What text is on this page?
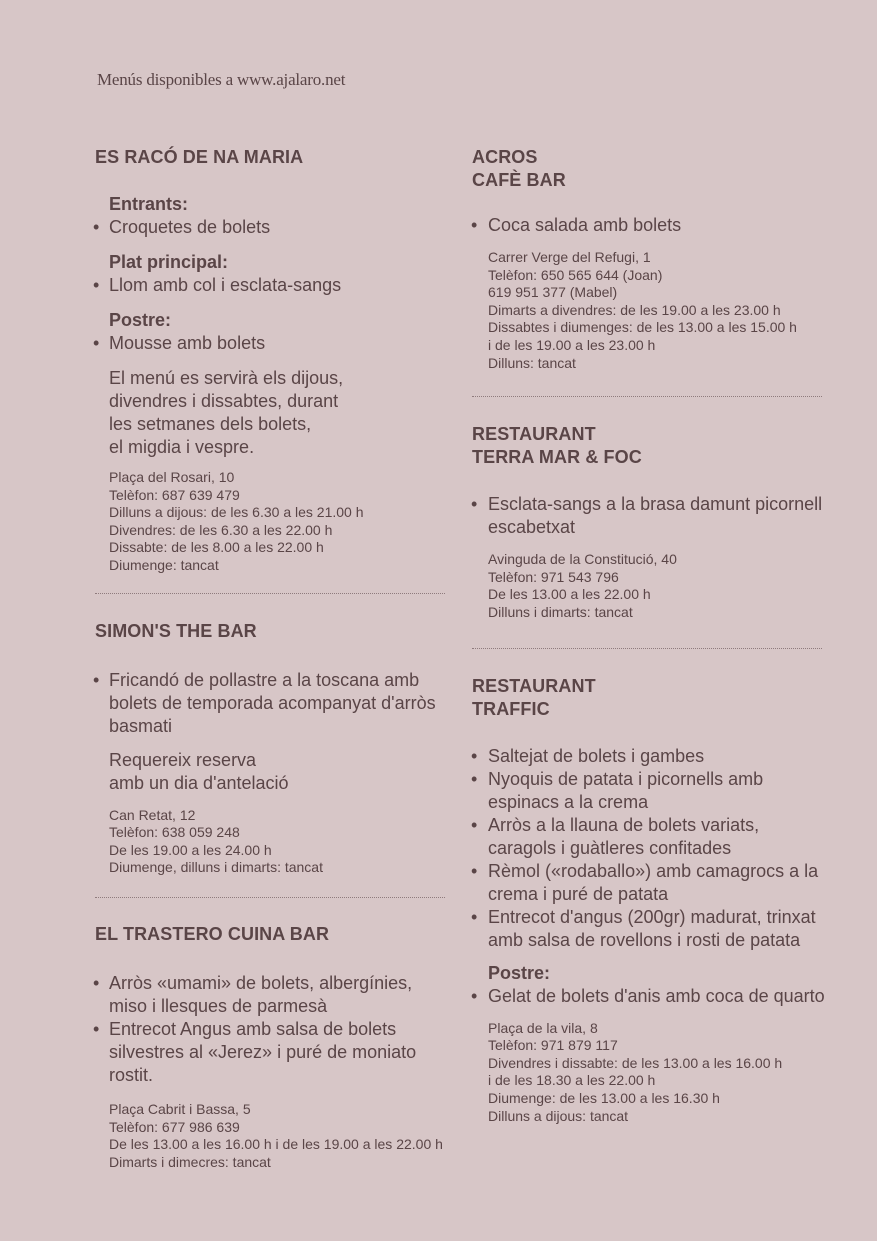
Menús disponibles a www.ajalaro.net
ES RACÓ DE NA MARIA
Entrants:
• Croquetes de bolets
Plat principal:
• Llom amb col i esclata-sangs
Postre:
• Mousse amb bolets
El menú es servirà els dijous,
divendres i dissabtes, durant
les setmanes dels bolets,
el migdia i vespre.
Plaça del Rosari, 10
Telèfon: 687 639 479
Dilluns a dijous: de les 6.30 a les 21.00 h
Divendres: de les 6.30 a les 22.00 h
Dissabte: de les 8.00 a les 22.00 h
Diumenge: tancat
SIMON'S THE BAR
• Fricandó de pollastre a la toscana amb bolets de temporada acompanyat d'arròs basmati
Requereix reserva
amb un dia d'antelació
Can Retat, 12
Telèfon: 638 059 248
De les 19.00 a les 24.00 h
Diumenge, dilluns i dimarts: tancat
EL TRASTERO CUINA BAR
• Arròs «umami» de bolets, albergínies, miso i llesques de parmesà
• Entrecot Angus amb salsa de bolets silvestres al «Jerez» i puré de moniato rostit.
Plaça Cabrit i Bassa, 5
Telèfon: 677 986 639
De les 13.00 a les 16.00 h i de les 19.00 a les 22.00 h
Dimarts i dimecres: tancat
ACROS
CAFÈ BAR
• Coca salada amb bolets
Carrer Verge del Refugi, 1
Telèfon: 650 565 644 (Joan)
619 951 377 (Mabel)
Dimarts a divendres: de les 19.00 a les 23.00 h
Dissabtes i diumenges: de les 13.00 a les 15.00 h
i de les 19.00 a les 23.00 h
Dilluns: tancat
RESTAURANT
TERRA MAR & FOC
• Esclata-sangs a la brasa damunt picornell escabetxat
Avinguda de la Constitució, 40
Telèfon: 971 543 796
De les 13.00 a les 22.00 h
Dilluns i dimarts: tancat
RESTAURANT
TRAFFIC
• Saltejat de bolets i gambes
• Nyoquis de patata i picornells amb espinacs a la crema
• Arròs a la llauna de bolets variats, caragols i guàtleres confitades
• Rèmol («rodaballo») amb camagrocs a la crema i puré de patata
• Entrecot d'angus (200gr) madurat, trinxat amb salsa de rovellons i rosti de patata
Postre:
• Gelat de bolets d'anis amb coca de quarto
Plaça de la vila, 8
Telèfon: 971 879 117
Divendres i dissabte: de les 13.00 a les 16.00 h
i de les 18.30 a les 22.00 h
Diumenge: de les 13.00 a les 16.30 h
Dilluns a dijous: tancat
